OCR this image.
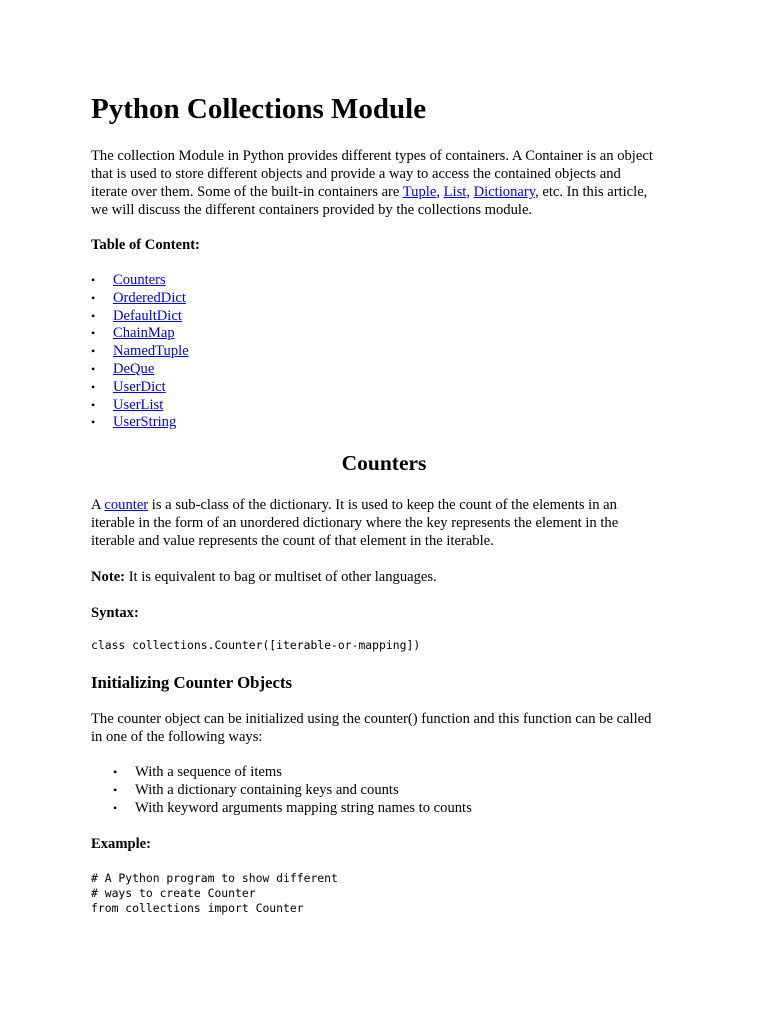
Python Collections Module

The collection Module in Python provides different types of containers. A Container is an object
that is used to store different objects and provide a way to access the contained objects and
iterate over them. Some of the built-in containers are Tuple, List, Dictionary, etc. In this article,
we will discuss the different containers provided by the collections module.

Table of Content:

• Counters
• OrderedDict
• DefaultDict
• ChainMap
• NamedTuple
• DeQue
• UserDict
• UserList
• UserString
Counters

A counter is a sub-class of the dictionary. It is used to keep the count of the elements in an
iterable in the form of an unordered dictionary where the key represents the element in the
iterable and value represents the count of that element in the iterable.

Note: It is equivalent to bag or multiset of other languages.

Syntax:

class collections.Counter([iterable-or-mapping])
Initializing Counter Objects

The counter object can be initialized using the counter() function and this function can be called
in one of the following ways:

• With a sequence of items
• With a dictionary containing keys and counts
• With keyword arguments mapping string names to counts

Example:

# A Python program to show different
# ways to create Counter
from collections import Counter
